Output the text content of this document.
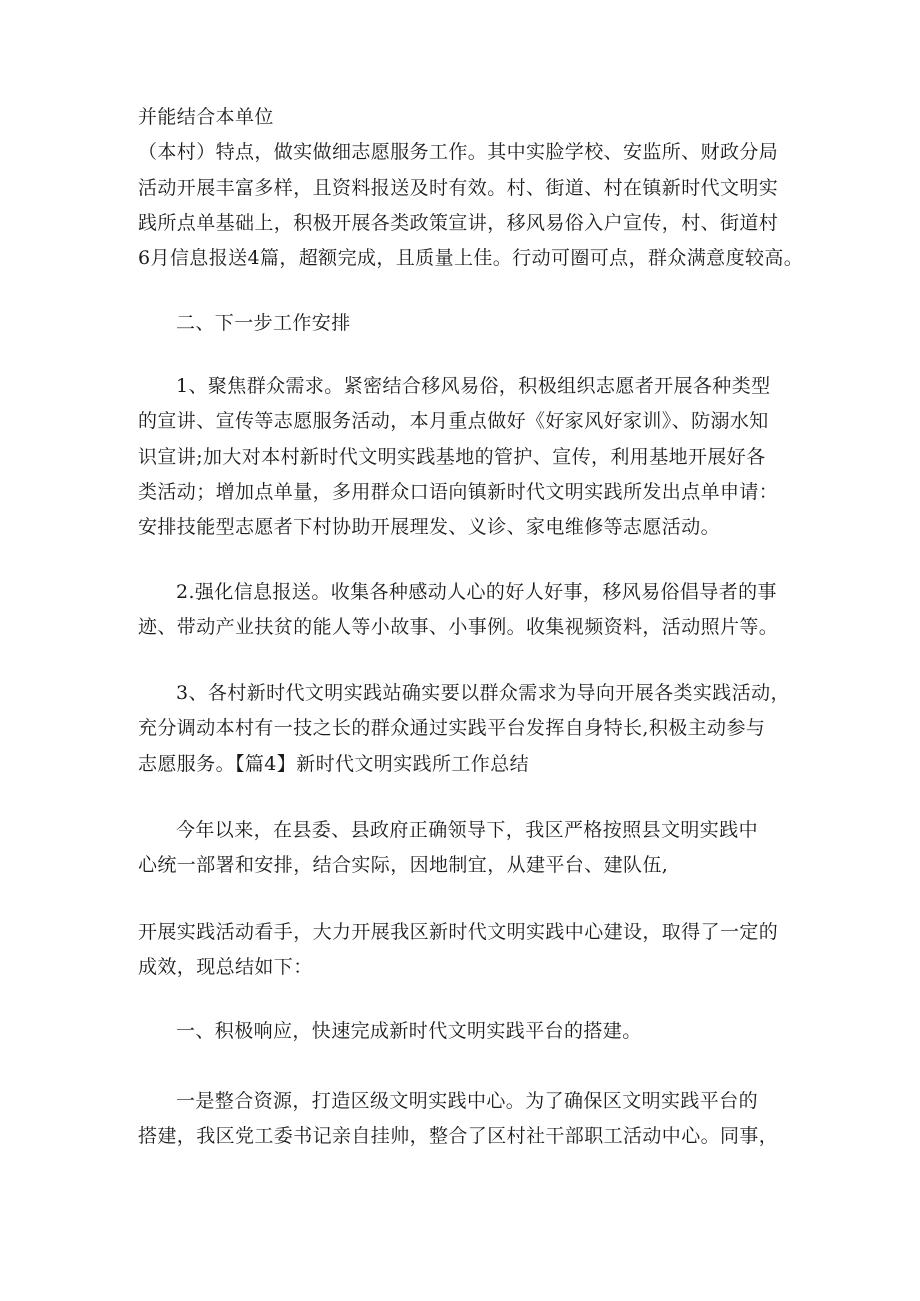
并能结合本单位
（本村）特点，做实做细志愿服务工作。其中实脸学校、安监所、财政分局
活动开展丰富多样，且资料报送及时有效。村、街道、村在镇新时代文明实
践所点单基础上，积极开展各类政策宣讲，移风易俗入户宣传，村、街道村
6月信息报送4篇，超额完成，且质量上佳。行动可圈可点，群众满意度较高。
二、下一步工作安排
1、聚焦群众需求。紧密结合移风易俗，积极组织志愿者开展各种类型
的宣讲、宣传等志愿服务活动，本月重点做好《好家风好家训》、防溺水知
识宣讲;加大对本村新时代文明实践基地的管护、宣传，利用基地开展好各
类活动；增加点单量，多用群众口语向镇新时代文明实践所发出点单申请：
安排技能型志愿者下村协助开展理发、义诊、家电维修等志愿活动。
2.强化信息报送。收集各种感动人心的好人好事，移风易俗倡导者的事
迹、带动产业扶贫的能人等小故事、小事例。收集视频资料，活动照片等。
3、各村新时代文明实践站确实要以群众需求为导向开展各类实践活动，
充分调动本村有一技之长的群众通过实践平台发挥自身特长,积极主动参与
志愿服务。【篇4】新时代文明实践所工作总结
今年以来，在县委、县政府正确领导下，我区严格按照县文明实践中
心统一部署和安排，结合实际，因地制宜，从建平台、建队伍,
开展实践活动看手，大力开展我区新时代文明实践中心建设，取得了一定的
成效，现总结如下：
一、积极响应，快速完成新时代文明实践平台的搭建。
一是整合资源，打造区级文明实践中心。为了确保区文明实践平台的
搭建，我区党工委书记亲自挂帅，整合了区村社干部职工活动中心。同事，
